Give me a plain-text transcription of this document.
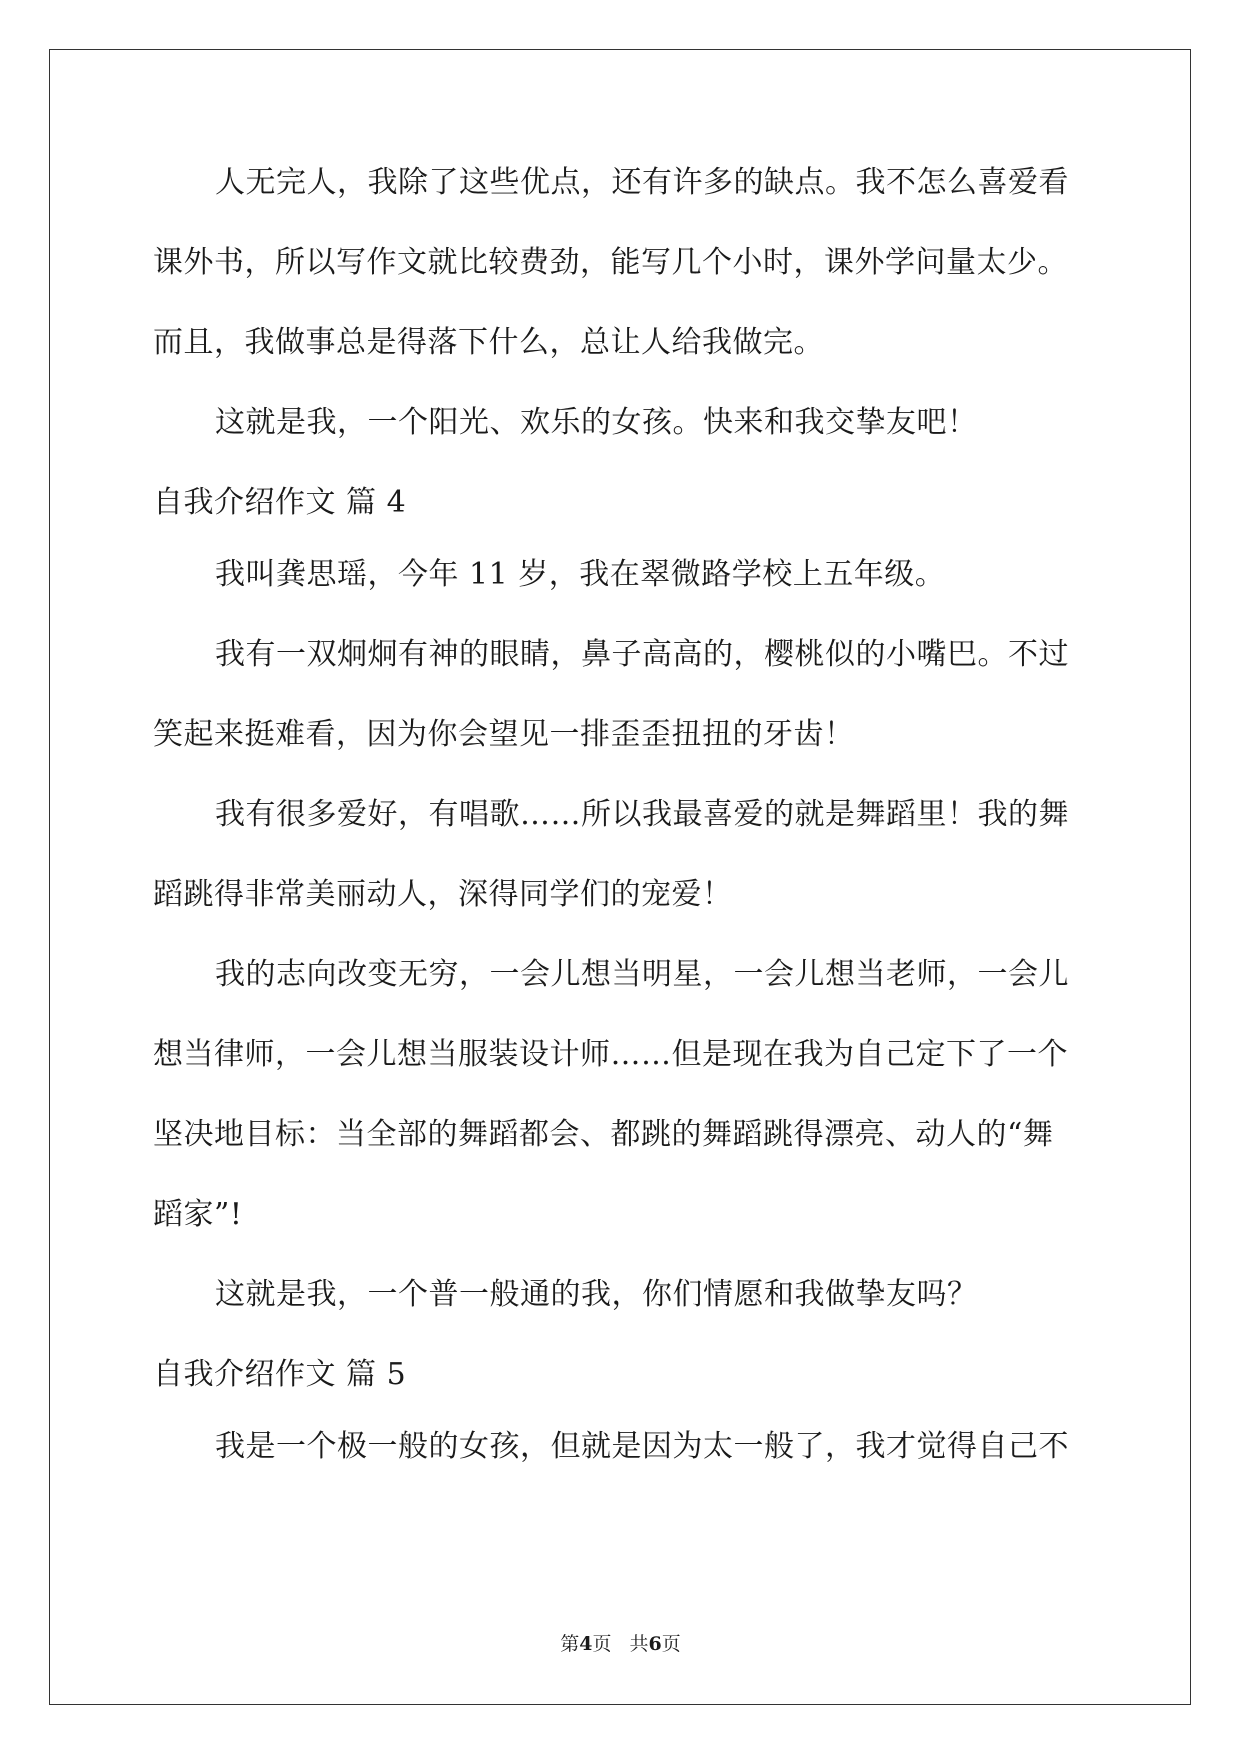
人无完人，我除了这些优点，还有许多的缺点。我不怎么喜爱看
课外书，所以写作文就比较费劲，能写几个小时，课外学问量太少。
而且，我做事总是得落下什么，总让人给我做完。
这就是我，一个阳光、欢乐的女孩。快来和我交挚友吧！
自我介绍作文 篇 4
我叫龚思瑶，今年 11 岁，我在翠微路学校上五年级。
我有一双炯炯有神的眼睛，鼻子高高的，樱桃似的小嘴巴。不过
笑起来挺难看，因为你会望见一排歪歪扭扭的牙齿！
我有很多爱好，有唱歌……所以我最喜爱的就是舞蹈里！我的舞
蹈跳得非常美丽动人，深得同学们的宠爱！
我的志向改变无穷，一会儿想当明星，一会儿想当老师，一会儿
想当律师，一会儿想当服装设计师……但是现在我为自己定下了一个
坚决地目标：当全部的舞蹈都会、都跳的舞蹈跳得漂亮、动人的“舞
蹈家”!
这就是我，一个普一般通的我，你们情愿和我做挚友吗？
自我介绍作文 篇 5
我是一个极一般的女孩，但就是因为太一般了，我才觉得自己不
第4页 共6页
